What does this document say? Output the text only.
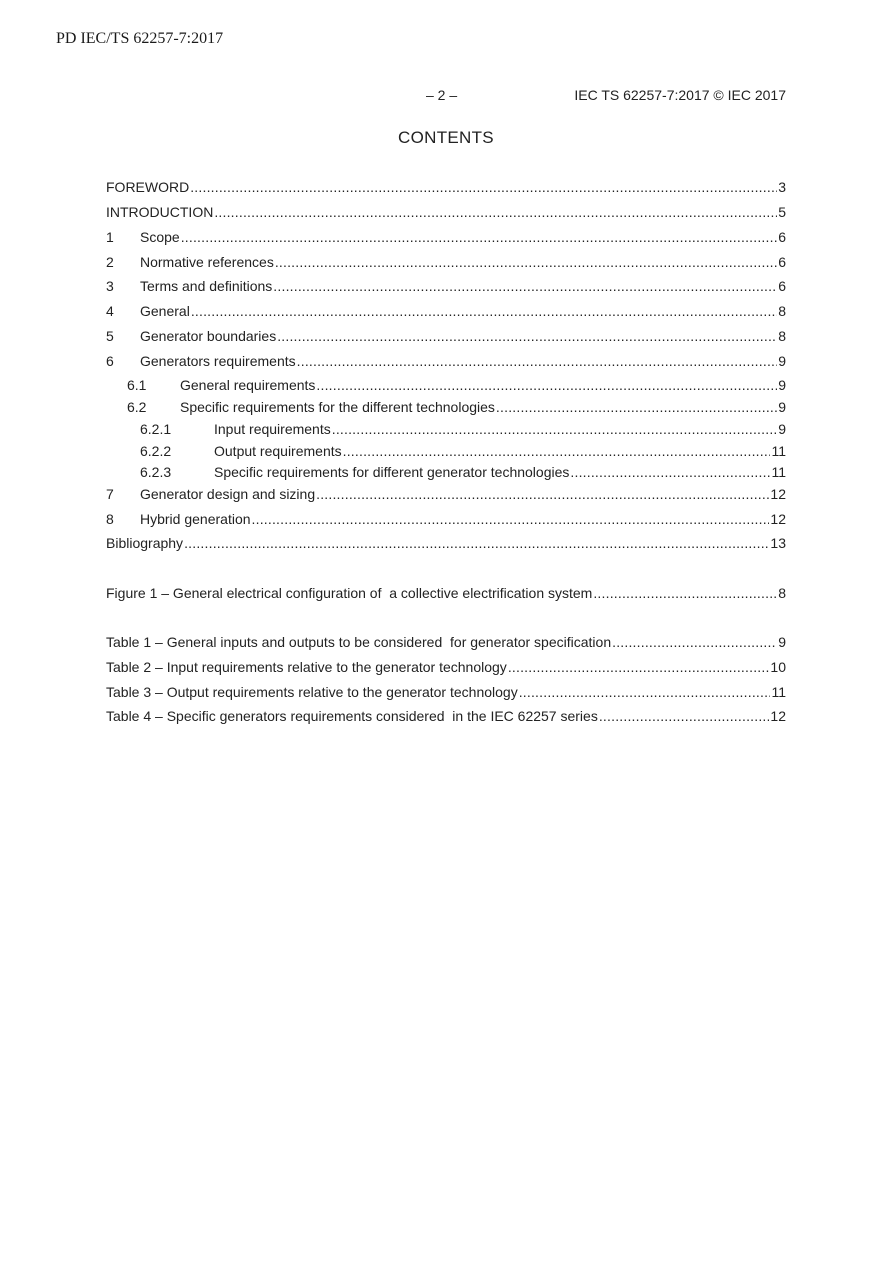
PD IEC/TS 62257-7:2017
– 2 –	IEC TS 62257-7:2017 © IEC 2017
CONTENTS
FOREWORD .....	3
INTRODUCTION .....	5
1	Scope .....	6
2	Normative references .....	6
3	Terms and definitions .....	6
4	General .....	8
5	Generator boundaries .....	8
6	Generators requirements .....	9
6.1	General requirements .....	9
6.2	Specific requirements for the different technologies .....	9
6.2.1	Input requirements .....	9
6.2.2	Output requirements .....	11
6.2.3	Specific requirements for different generator technologies .....	11
7	Generator design and sizing .....	12
8	Hybrid generation .....	12
Bibliography .....	13
Figure 1 – General electrical configuration of  a collective electrification system .....	8
Table 1 – General inputs and outputs to be considered  for generator specification .....	9
Table 2 – Input requirements relative to the generator technology .....	10
Table 3 – Output requirements relative to the generator technology .....	11
Table 4 – Specific generators requirements considered  in the IEC 62257 series .....	12
